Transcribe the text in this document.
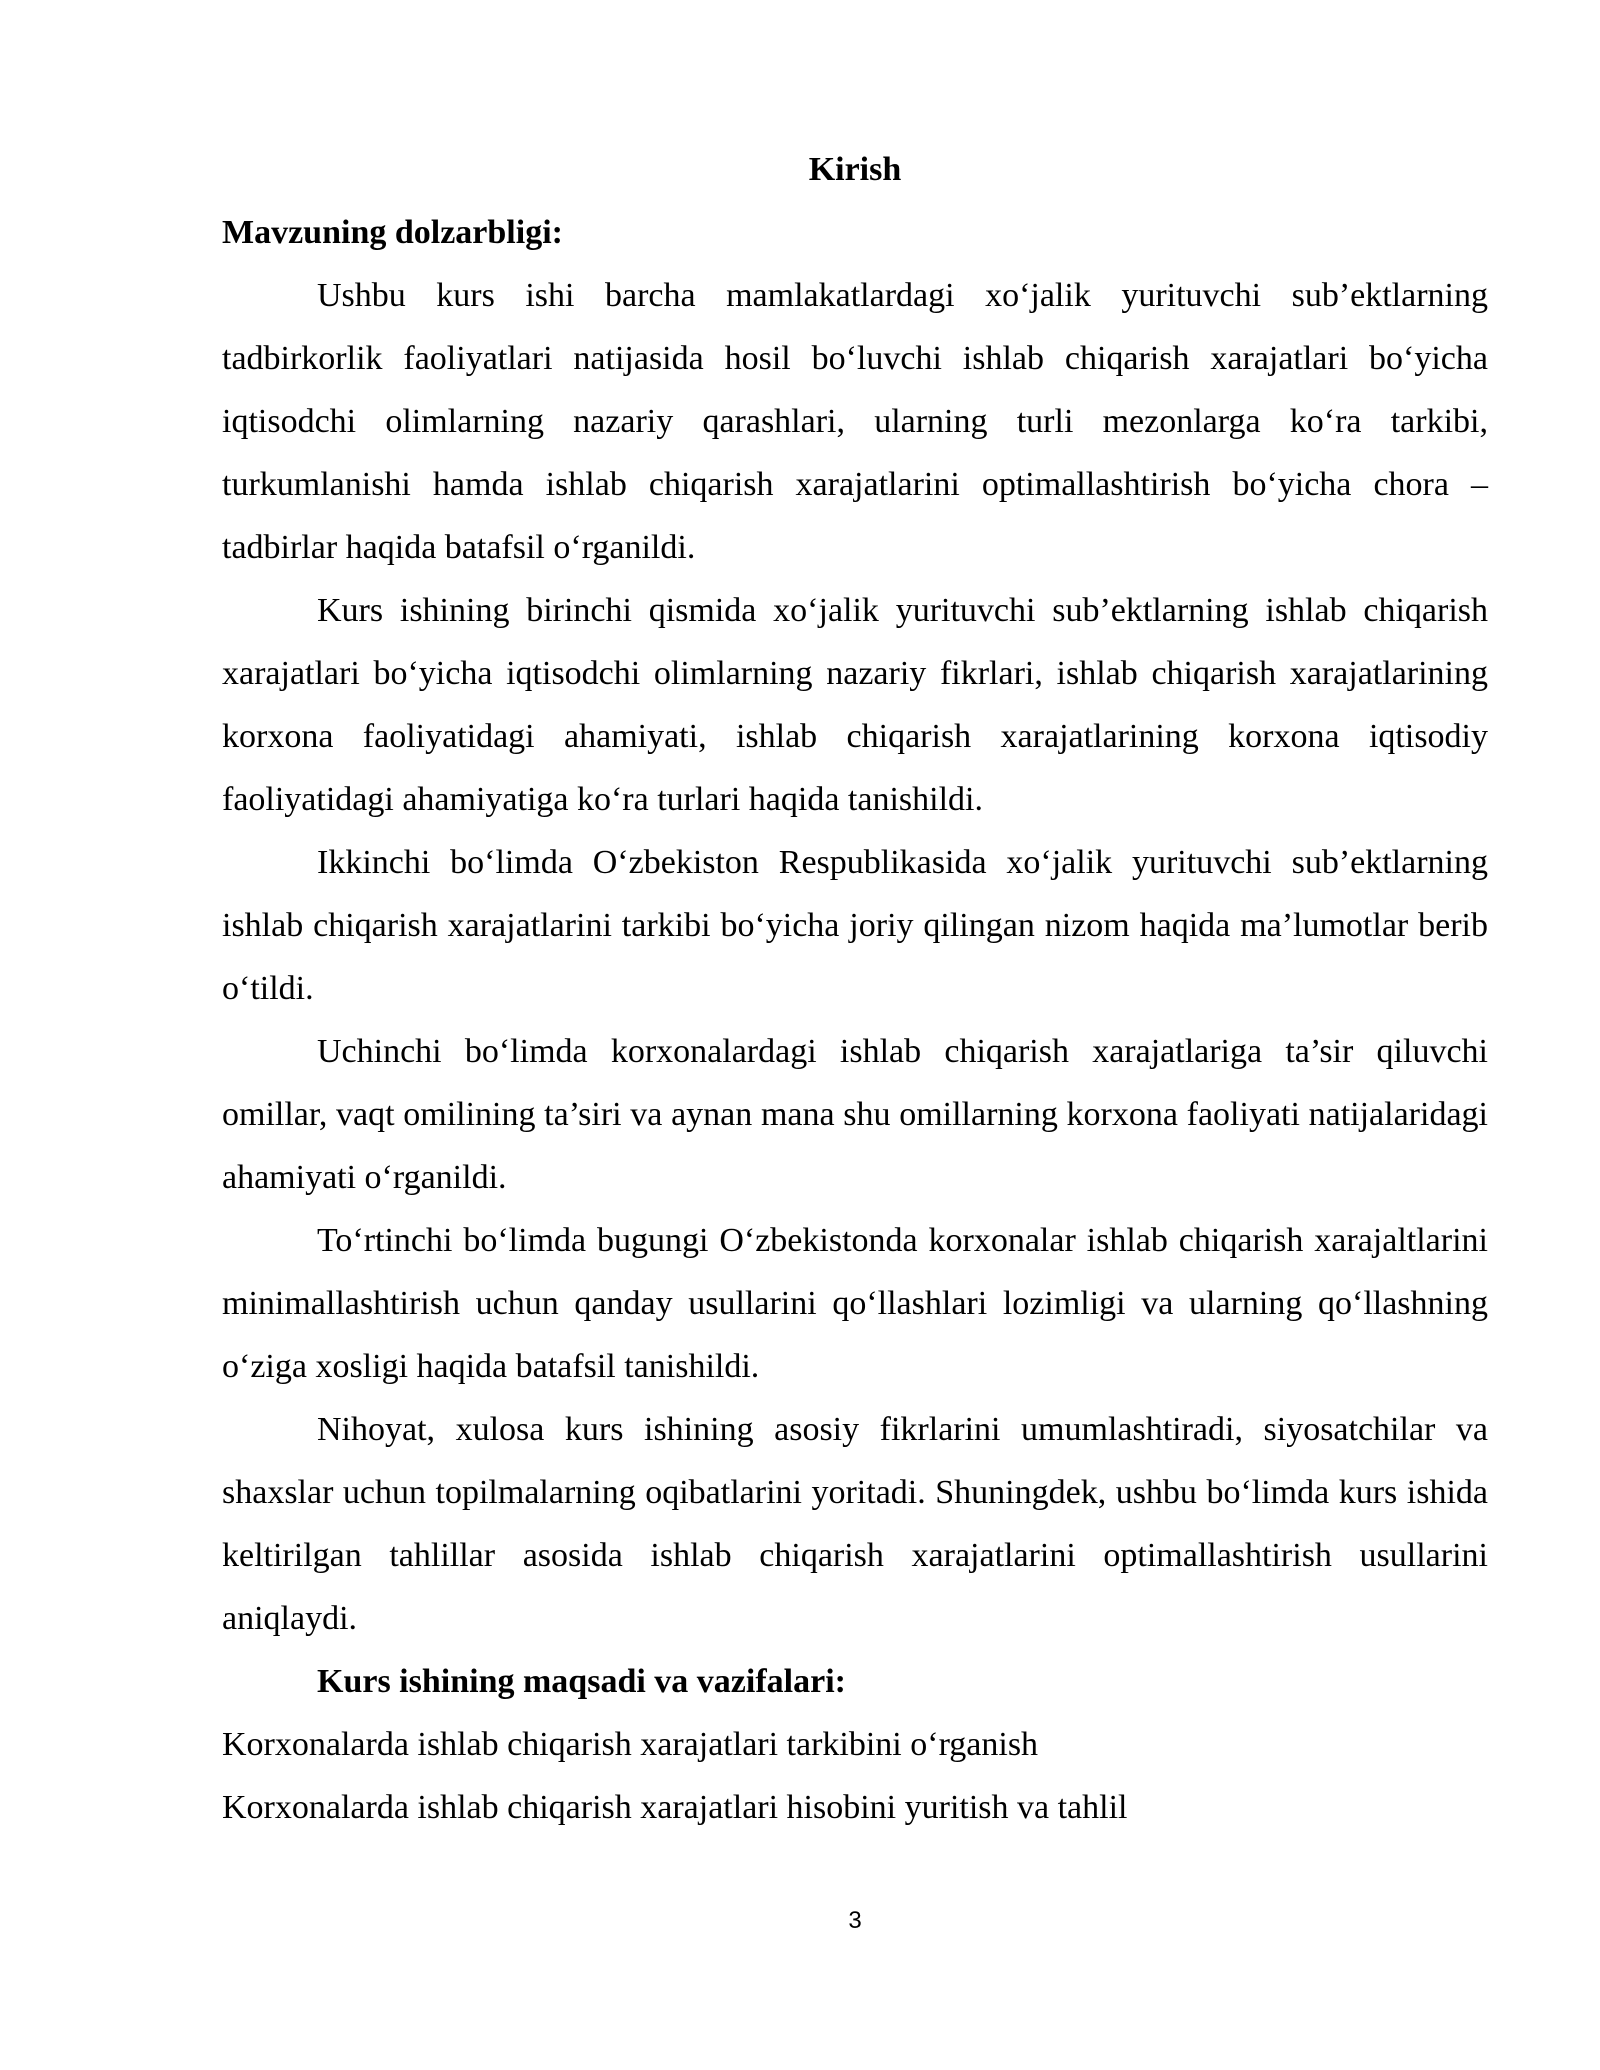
Kirish

Mavzuning dolzarbligi:

Ushbu kurs ishi barcha mamlakatlardagi xo‘jalik yurituvchi sub’ektlarning tadbirkorlik faoliyatlari natijasida hosil bo‘luvchi ishlab chiqarish xarajatlari bo‘yicha iqtisodchi olimlarning nazariy qarashlari, ularning turli mezonlarga ko‘ra tarkibi, turkumlanishi hamda ishlab chiqarish xarajatlarini optimallashtirish bo‘yicha chora – tadbirlar haqida batafsil o‘rganildi.

Kurs ishining birinchi qismida xo‘jalik yurituvchi sub’ektlarning ishlab chiqarish xarajatlari bo‘yicha iqtisodchi olimlarning nazariy fikrlari, ishlab chiqarish xarajatlarining korxona faoliyatidagi ahamiyati, ishlab chiqarish xarajatlarining korxona iqtisodiy faoliyatidagi ahamiyatiga ko‘ra turlari haqida tanishildi.

Ikkinchi bo‘limda O‘zbekiston Respublikasida xo‘jalik yurituvchi sub’ektlarning ishlab chiqarish xarajatlarini tarkibi bo‘yicha joriy qilingan nizom haqida ma’lumotlar berib o‘tildi.

Uchinchi bo‘limda korxonalardagi ishlab chiqarish xarajatlariga ta’sir qiluvchi omillar, vaqt omilining ta’siri va aynan mana shu omillarning korxona faoliyati natijalaridagi ahamiyati o‘rganildi.

To‘rtinchi bo‘limda bugungi O‘zbekistonda korxonalar ishlab chiqarish xarajaltlarini minimallashtirish uchun qanday usullarini qo‘llashlari lozimligi va ularning qo‘llashning o‘ziga xosligi haqida batafsil tanishildi.

Nihoyat, xulosa kurs ishining asosiy fikrlarini umumlashtiradi, siyosatchilar va shaxslar uchun topilmalarning oqibatlarini yoritadi. Shuningdek, ushbu bo‘limda kurs ishida keltirilgan tahlillar asosida ishlab chiqarish xarajatlarini optimallashtirish usullarini aniqlaydi.

Kurs ishining maqsadi va vazifalari:

Korxonalarda ishlab chiqarish xarajatlari tarkibini o‘rganish

Korxonalarda ishlab chiqarish xarajatlari hisobini yuritish va tahlil

3
